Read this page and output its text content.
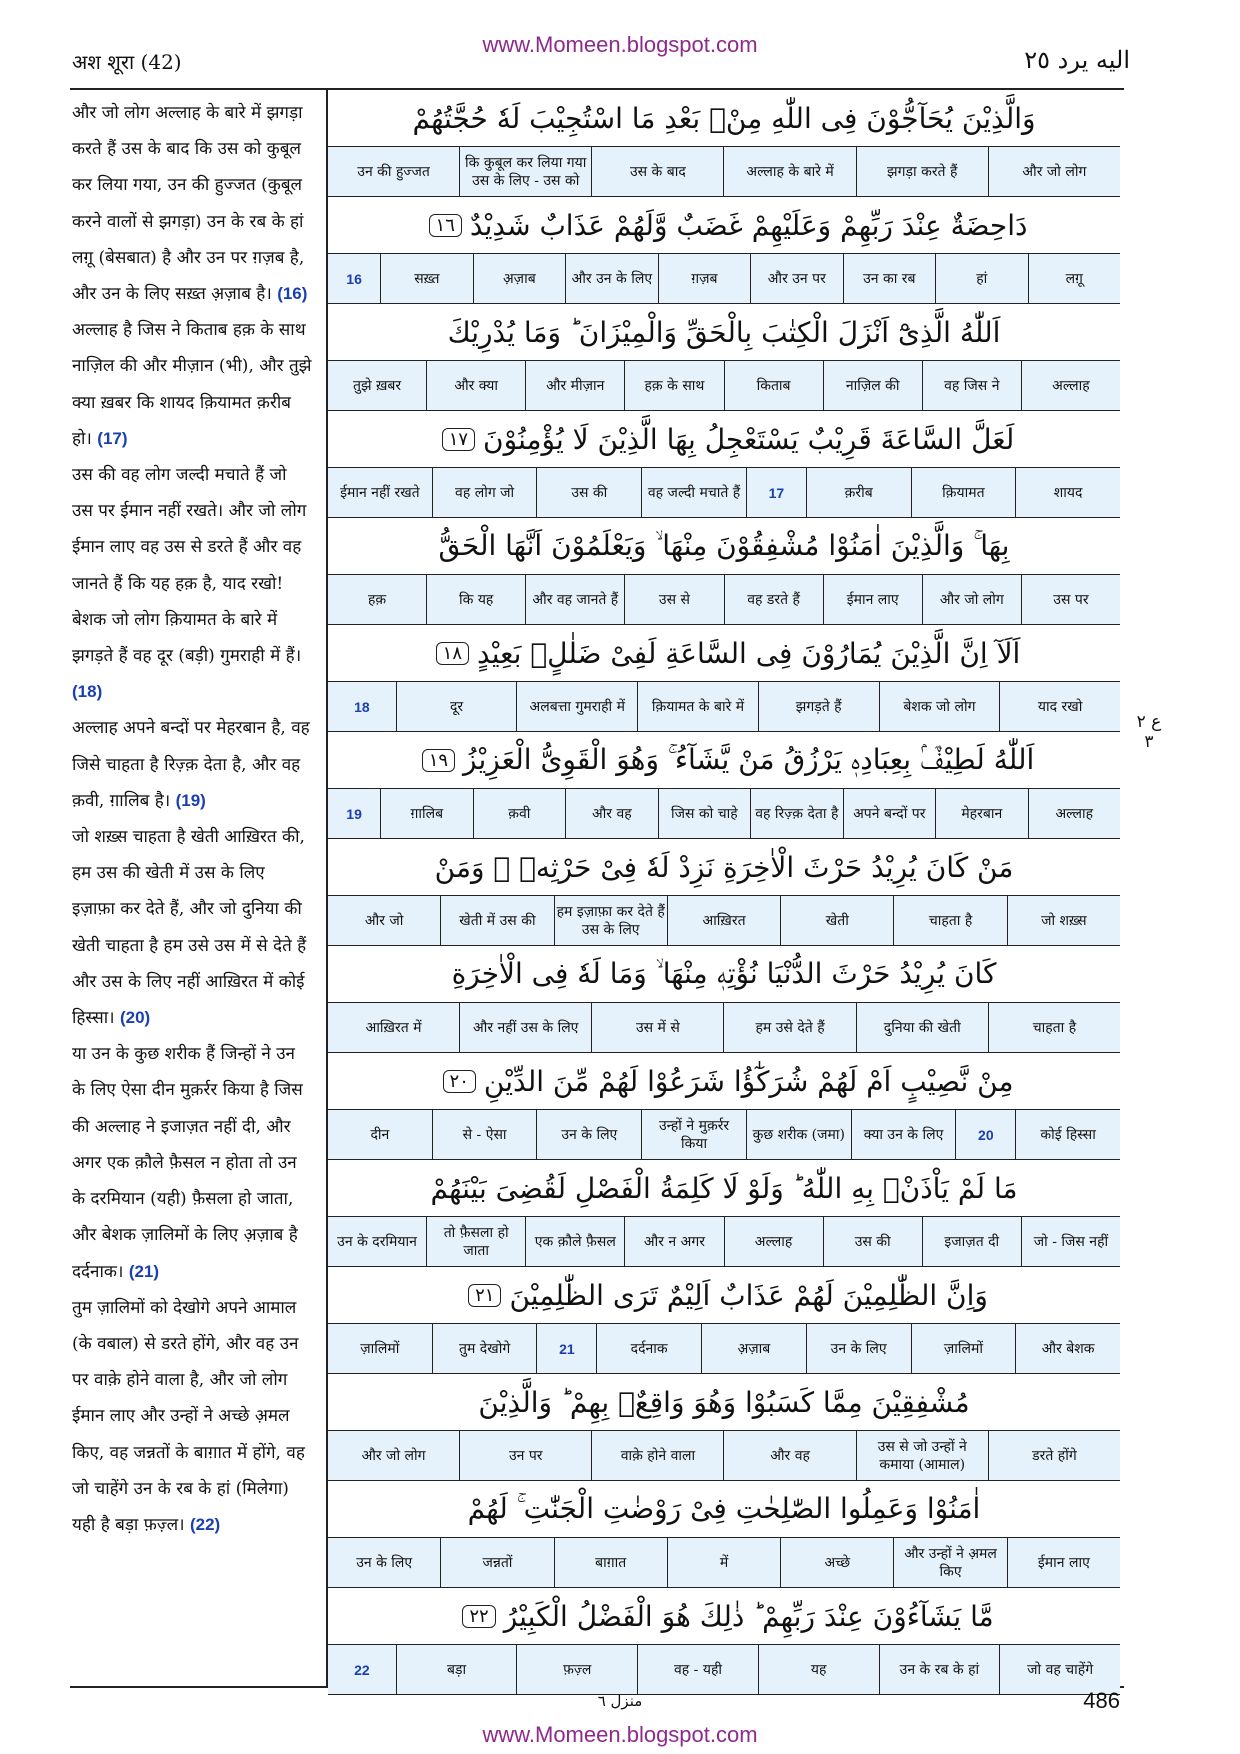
अश शूरा (42)
www.Momeen.blogspot.com
اليه يرد ٢٥

और जो लोग अल्लाह के बारे में झगड़ा करते हैं उस के बाद कि उस को कुबूल कर लिया गया, उन की हुज्जत (कुबूल करने वालों से झगड़ा) उन के रब के हां लग़ू (बेसबात) है और उन पर ग़ज़ब है, और उन के लिए सख़्त अ़ज़ाब है। (16)

अल्लाह है जिस ने किताब हक़ के साथ नाज़िल की और मीज़ान (भी), और तुझे क्या ख़बर कि शायद क़ियामत क़रीब हो। (17)

उस की वह लोग जल्दी मचाते हैं जो उस पर ईमान नहीं रखते। और जो लोग ईमान लाए वह उस से डरते हैं और वह जानते हैं कि यह हक़ है, याद रखो! बेशक जो लोग क़ियामत के बारे में झगड़ते हैं वह दूर (बड़ी) गुमराही में हैं। (18)

अल्लाह अपने बन्दों पर मेहरबान है, वह जिसे चाहता है रिज़्क़ देता है, और वह क़वी, ग़ालिब है। (19)

जो शख़्स चाहता है खेती आख़िरत की, हम उस की खेती में उस के लिए इज़ाफ़ा कर देते हैं, और जो दुनिया की खेती चाहता है हम उसे उस में से देते हैं और उस के लिए नहीं आख़िरत में कोई हिस्सा। (20)

या उन के कुछ शरीक हैं जिन्हों ने उन के लिए ऐसा दीन मुक़र्रर किया है जिस की अल्लाह ने इजाज़त नहीं दी, और अगर एक क़ौले फ़ैसल न होता तो उन के दरमियान (यही) फ़ैसला हो जाता, और बेशक ज़ालिमों के लिए अ़ज़ाब है दर्दनाक। (21)

तुम ज़ालिमों को देखोगे अपने आमाल (के वबाल) से डरते होंगे, और वह उन पर वाक़े होने वाला है, और जो लोग ईमान लाए और उन्हों ने अच्छे अ़मल किए, वह जन्नतों के बाग़ात में होंगे, वह जो चाहेंगे उन के रब के हां (मिलेगा) यही है बड़ा फ़ज़्ल। (22)

وَالَّذِيْنَ يُحَآجُّوْنَ فِى اللّٰهِ مِنْۢ بَعْدِ مَا اسْتُجِيْبَ لَهٗ حُجَّتُهُمْ
और जो लोग
झगड़ा करते हैं
अल्लाह के बारे में
उस के बाद
कि कुबूल कर लिया गया उस के लिए - उस को
उन की हुज्जत
دَاحِضَةٌ عِنْدَ رَبِّهِمْ وَعَلَيْهِمْ غَضَبٌ وَّلَهُمْ عَذَابٌ شَدِيْدٌ
١٦
लग़ू
हां
उन का रब
और उन पर
ग़ज़ब
और उन के लिए
अ़ज़ाब
सख़्त
16
اَللّٰهُ الَّذِىْٓ اَنْزَلَ الْكِتٰبَ بِالْحَقِّ وَالْمِيْزَانَ ؕ وَمَا يُدْرِيْكَ
अल्लाह
वह जिस ने
नाज़िल की
किताब
हक़ के साथ
और मीज़ान
और क्या
तुझे ख़बर
لَعَلَّ السَّاعَةَ قَرِيْبٌ يَسْتَعْجِلُ بِهَا الَّذِيْنَ لَا يُؤْمِنُوْنَ
١٧
शायद
क़ियामत
क़रीब
17
वह जल्दी मचाते हैं
उस की
वह लोग जो
ईमान नहीं रखते
بِهَا ۚ وَالَّذِيْنَ اٰمَنُوْا مُشْفِقُوْنَ مِنْهَا ۙ وَيَعْلَمُوْنَ اَنَّهَا الْحَقُّ
उस पर
और जो लोग
ईमान लाए
वह डरते हैं
उस से
और वह जानते हैं
कि यह
हक़
اَلَآ اِنَّ الَّذِيْنَ يُمَارُوْنَ فِى السَّاعَةِ لَفِىْ ضَلٰلٍۢ بَعِيْدٍ
١٨
याद रखो
बेशक जो लोग
झगड़ते हैं
क़ियामत के बारे में
अलबत्ता गुमराही में
दूर
18
اَللّٰهُ لَطِيْفٌۢ بِعِبَادِهٖ يَرْزُقُ مَنْ يَّشَآءُ ۚ وَهُوَ الْقَوِىُّ الْعَزِيْزُ
١٩
अल्लाह
मेहरबान
अपने बन्दों पर
वह रिज़्क़ देता है
जिस को चाहे
और वह
क़वी
ग़ालिब
19
مَنْ كَانَ يُرِيْدُ حَرْثَ الْاٰخِرَةِ نَزِدْ لَهٗ فِىْ حَرْثِهٖ ۚ وَمَنْ
जो शख़्स
चाहता है
खेती
आख़िरत
हम इज़ाफ़ा कर देते हैं उस के लिए
खेती में उस की
और जो
كَانَ يُرِيْدُ حَرْثَ الدُّنْيَا نُؤْتِهٖ مِنْهَا ۙ وَمَا لَهٗ فِى الْاٰخِرَةِ
चाहता है
दुनिया की खेती
हम उसे देते हैं
उस में से
और नहीं उस के लिए
आख़िरत में
مِنْ نَّصِيْبٍ اَمْ لَهُمْ شُرَكٰٓؤُا شَرَعُوْا لَهُمْ مِّنَ الدِّيْنِ
٢٠
कोई हिस्सा
20
क्या उन के लिए
कुछ शरीक (जमा)
उन्हों ने मुक़र्रर किया
उन के लिए
से - ऐसा
दीन
مَا لَمْ يَاْذَنْۢ بِهِ اللّٰهُ ؕ وَلَوْ لَا كَلِمَةُ الْفَصْلِ لَقُضِىَ بَيْنَهُمْ
जो - जिस नहीं
इजाज़त दी
उस की
अल्लाह
और न अगर
एक क़ौले फ़ैसल
तो फ़ैसला हो जाता
उन के दरमियान
وَاِنَّ الظّٰلِمِيْنَ لَهُمْ عَذَابٌ اَلِيْمٌ تَرَى الظّٰلِمِيْنَ
٢١
और बेशक
ज़ालिमों
उन के लिए
अ़ज़ाब
दर्दनाक
21
तुम देखोगे
ज़ालिमों
مُشْفِقِيْنَ مِمَّا كَسَبُوْا وَهُوَ وَاقِعٌۢ بِهِمْ ؕ وَالَّذِيْنَ
डरते होंगे
उस से जो उन्हों ने कमाया (आमाल)
और वह
वाक़े होने वाला
उन पर
और जो लोग
اٰمَنُوْا وَعَمِلُوا الصّٰلِحٰتِ فِىْ رَوْضٰتِ الْجَنّٰتِ ۚ لَهُمْ
ईमान लाए
और उन्हों ने अ़मल किए
अच्छे
में
बाग़ात
जन्नतों
उन के लिए
مَّا يَشَآءُوْنَ عِنْدَ رَبِّهِمْ ؕ ذٰلِكَ هُوَ الْفَضْلُ الْكَبِيْرُ
٢٢
जो वह चाहेंगे
उन के रब के हां
यह
वह - यही
फ़ज़्ल
बड़ा
22
ع ٢ ٣
منزل ٦	486
www.Momeen.blogspot.com
